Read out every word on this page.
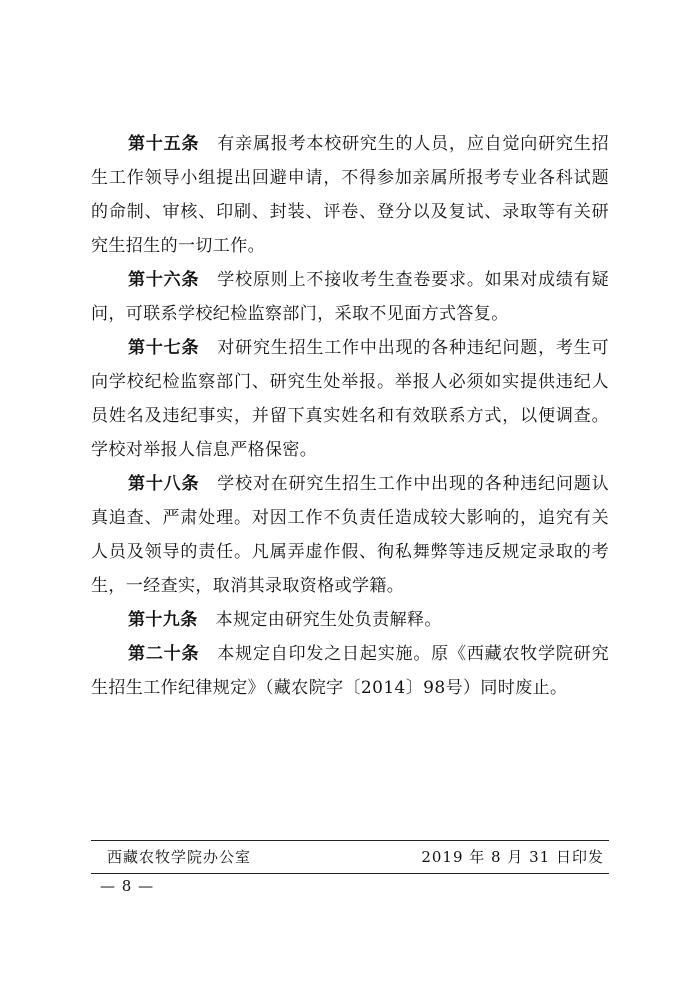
第十五条 有亲属报考本校研究生的人员，应自觉向研究生招生工作领导小组提出回避申请，不得参加亲属所报考专业各科试题的命制、审核、印刷、封装、评卷、登分以及复试、录取等有关研究生招生的一切工作。

第十六条 学校原则上不接收考生查卷要求。如果对成绩有疑问，可联系学校纪检监察部门，采取不见面方式答复。

第十七条 对研究生招生工作中出现的各种违纪问题，考生可向学校纪检监察部门、研究生处举报。举报人必须如实提供违纪人员姓名及违纪事实，并留下真实姓名和有效联系方式，以便调查。学校对举报人信息严格保密。

第十八条 学校对在研究生招生工作中出现的各种违纪问题认真追查、严肃处理。对因工作不负责任造成较大影响的，追究有关人员及领导的责任。凡属弄虚作假、徇私舞弊等违反规定录取的考生，一经查实，取消其录取资格或学籍。

第十九条 本规定由研究生处负责解释。

第二十条 本规定自印发之日起实施。原《西藏农牧学院研究生招生工作纪律规定》（藏农院字〔2014〕98号）同时废止。

西藏农牧学院办公室	2019 年 8 月 31 日印发
— 8 —
